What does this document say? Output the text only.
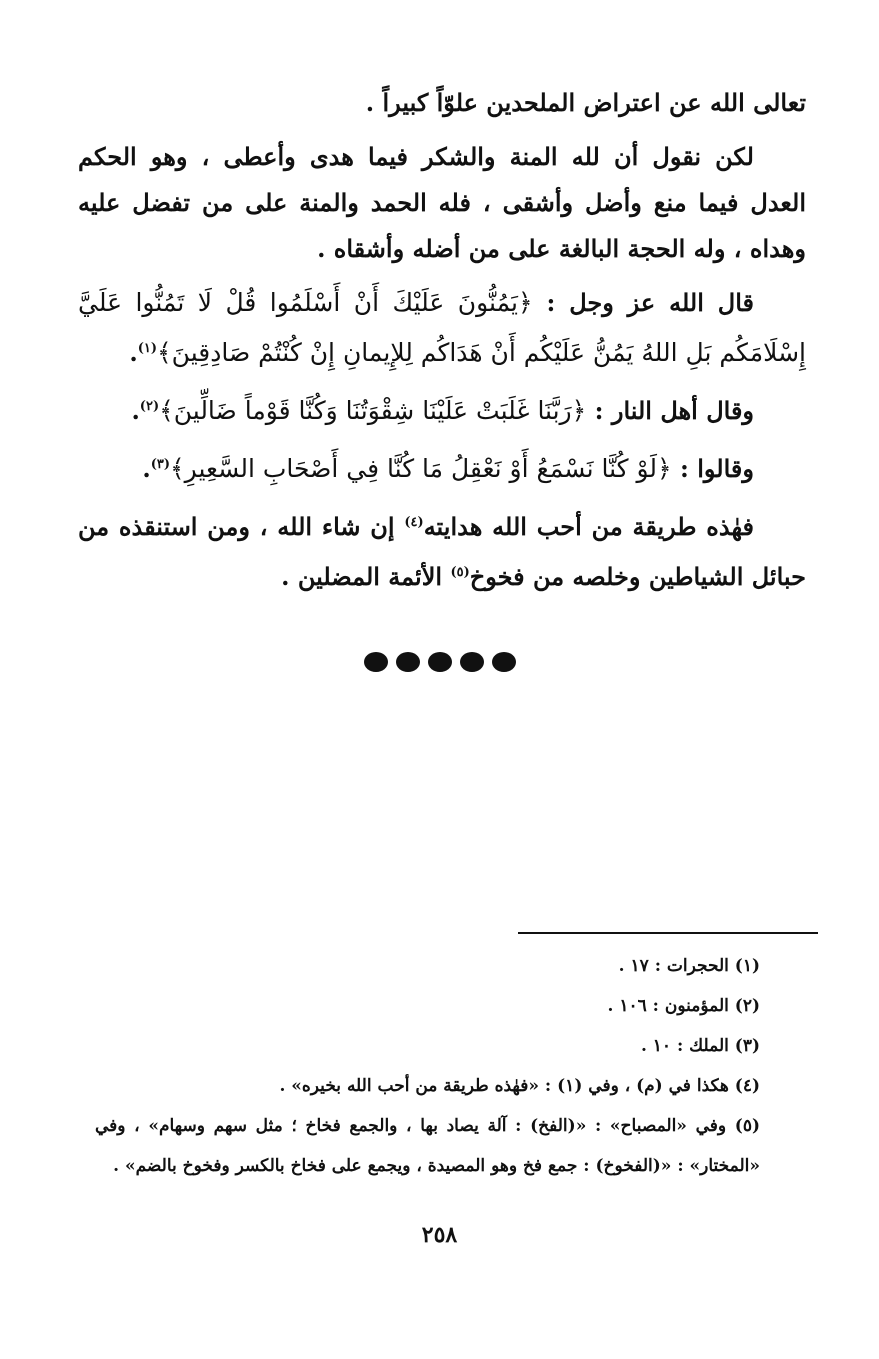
تعالى الله عن اعتراض الملحدين علوّاً كبيراً .

لكن نقول أن لله المنة والشكر فيما هدى وأعطى ، وهو الحكم العدل فيما منع وأضل وأشقى ، فله الحمد والمنة على من تفضل عليه وهداه ، وله الحجة البالغة على من أضله وأشقاه .

قال الله عز وجل : ﴿يَمُنُّونَ عَلَيْكَ أَنْ أَسْلَمُوا قُلْ لَا تَمُنُّوا عَلَيَّ إِسْلَامَكُم بَلِ اللهُ يَمُنُّ عَلَيْكُم أَنْ هَدَاكُم لِلإِيمانِ إِنْ كُنْتُمْ صَادِقِينَ﴾$^{(١)}$.

وقال أهل النار : ﴿رَبَّنَا غَلَبَتْ عَلَيْنَا شِقْوَتُنَا وَكُنَّا قَوْماً ضَالِّينَ﴾$^{(٢)}$.

وقالوا : ﴿لَوْ كُنَّا نَسْمَعُ أَوْ نَعْقِلُ مَا كُنَّا فِي أَصْحَابِ السَّعِيرِ﴾$^{(٣)}$.

فهٰذه طريقة من أحب الله هدايته$^{(٤)}$ إن شاء الله ، ومن استنقذه من حبائل الشياطين وخلصه من فخوخ$^{(٥)}$ الأئمة المضلين .

(١) الحجرات : ١٧ .

(٢) المؤمنون : ١٠٦ .

(٣) الملك : ١٠ .

(٤) هكذا في (م) ، وفي (١) : «فهٰذه طريقة من أحب الله بخيره» .

(٥) وفي «المصباح» : «(الفخ) : آلة يصاد بها ، والجمع فخاخ ؛ مثل سهم وسهام» ، وفي «المختار» : «(الفخوخ) : جمع فخ وهو المصيدة ، ويجمع على فخاخ بالكسر وفخوخ بالضم» .

٢٥٨
